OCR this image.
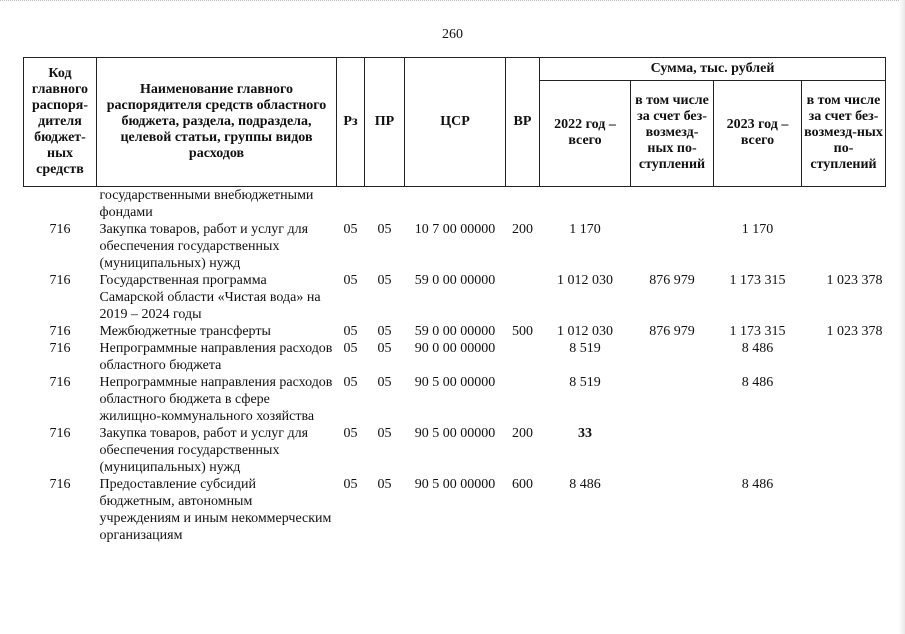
260
Код главного распоря-дителя бюджет-ных средств	Наименование главного распорядителя средств областного бюджета, раздела, подраздела, целевой статьи, группы видов расходов	Рз	ПР	ЦСР	ВР	Сумма, тыс. рублей			
						2022 год – всего	в том числе за счет без-возмезд-ных по-ступлений	2023 год – всего	в том числе за счет без-возмезд-ных по-ступлений
	государственными внебюджетными фондами								
716	Закупка товаров, работ и услуг для обеспечения государственных (муниципальных) нужд	05	05	10 7 00 00000	200	1 170		1 170	
716	Государственная программа Самарской области «Чистая вода» на 2019 – 2024 годы	05	05	59 0 00 00000		1 012 030	876 979	1 173 315	1 023 378
716	Межбюджетные трансферты	05	05	59 0 00 00000	500	1 012 030	876 979	1 173 315	1 023 378
716	Непрограммные направления расходов областного бюджета	05	05	90 0 00 00000		8 519		8 486	
716	Непрограммные направления расходов областного бюджета в сфере жилищно-коммунального хозяйства	05	05	90 5 00 00000		8 519		8 486	
716	Закупка товаров, работ и услуг для обеспечения государственных (муниципальных) нужд	05	05	90 5 00 00000	200	33			
716	Предоставление субсидий бюджетным, автономным учреждениям и иным некоммерческим организациям	05	05	90 5 00 00000	600	8 486		8 486	
